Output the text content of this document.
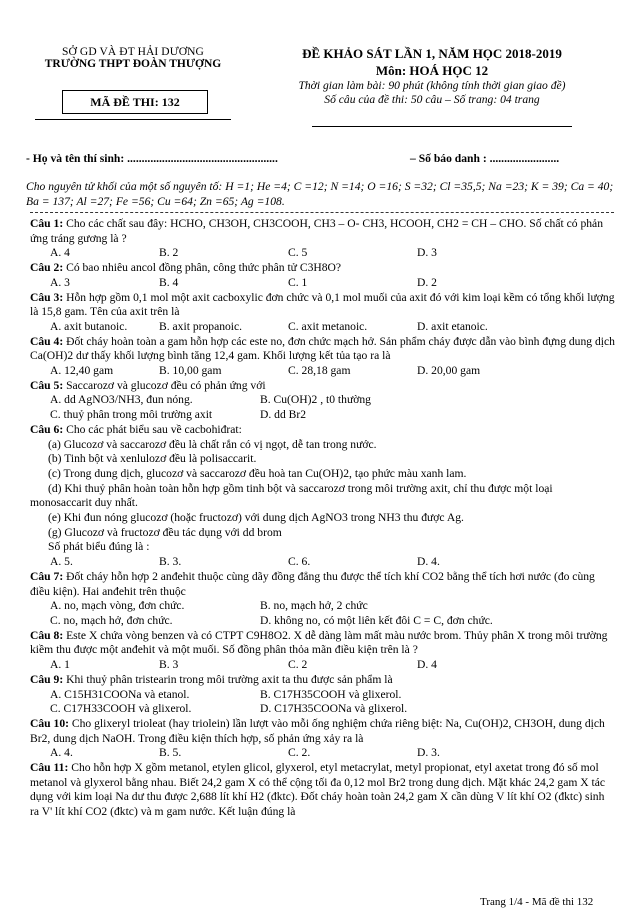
SỞ GD VÀ ĐT HẢI DƯƠNG
TRƯỜNG THPT ĐOÀN THƯỢNG
MÃ ĐỀ THI: 132
ĐỀ KHẢO SÁT LẦN 1, NĂM HỌC 2018-2019
Môn: HOÁ HỌC 12
Thời gian làm bài: 90 phút (không tính thời gian giao đề)
Số câu của đề thi: 50 câu – Số trang: 04 trang
- Họ và tên thí sinh: ....................................................	– Số báo danh : ........................
Cho nguyên tử khối của một số nguyên tố: H =1; He =4; C =12; N =14; O =16; S =32; Cl =35,5; Na =23; K = 39; Ca = 40; Ba = 137; Al =27; Fe =56; Cu =64; Zn =65; Ag =108.

Câu 1: Cho các chất sau đây: HCHO, CH3OH, CH3COOH, CH3 – O- CH3, HCOOH, CH2 = CH – CHO. Số chất có phản ứng tráng gương là ?

A. 4	B. 2	C. 5	D. 3

Câu 2: Có bao nhiêu ancol đồng phân, công thức phân tử C3H8O?

A. 3	B. 4	C. 1	D. 2

Câu 3: Hỗn hợp gồm 0,1 mol một axit cacboxylic đơn chức và 0,1 mol muối của axit đó với kim loại kềm có tổng khối lượng là 15,8 gam. Tên của axit trên là

A. axit butanoic.	B. axit propanoic.	C. axit metanoic.	D. axit etanoic.

Câu 4: Đốt cháy hoàn toàn a gam hỗn hợp các este no, đơn chức mạch hở. Sản phẩm cháy được dẫn vào bình đựng dung dịch Ca(OH)2 dư thấy khối lượng bình tăng 12,4 gam. Khối lượng kết tủa tạo ra là

A. 12,40 gam	B. 10,00 gam	C. 28,18 gam	D. 20,00 gam

Câu 5: Saccarozơ và glucozơ đều có phản ứng với

A. dd AgNO3/NH3, đun nóng.	B. Cu(OH)2 , t0 thường
C. thuỷ phân trong môi trường axit	D. dd Br2

Câu 6: Cho các phát biểu sau về cacbohiđrat:

(a) Glucozơ và saccarozơ đều là chất rắn có vị ngọt, dễ tan trong nước.

(b) Tinh bột và xenlulozơ đều là polisaccarit.

(c) Trong dung dịch, glucozơ và saccarozơ đều hoà tan Cu(OH)2, tạo phức màu xanh lam.

(d) Khi thuỷ phân hoàn toàn hỗn hợp gồm tinh bột và saccarozơ trong môi trường axit, chỉ thu được một loại monosaccarit duy nhất.

(e) Khi đun nóng glucozơ (hoặc fructozơ) với dung dịch AgNO3 trong NH3 thu được Ag.

(g) Glucozơ và fructozơ đều tác dụng với dd brom

Số phát biểu đúng là :

A. 5.	B. 3.	C. 6.	D. 4.

Câu 7: Đốt cháy hỗn hợp 2 anđehit thuộc cùng dãy đồng đẳng thu được thể tích khí CO2 bằng thể tích hơi nước (đo cùng điều kiện). Hai anđehit trên thuộc

A. no, mạch vòng, đơn chức.	B. no, mạch hở, 2 chức
C. no, mạch hở, đơn chức.	D. không no, có một liên kết đôi C = C, đơn chức.

Câu 8: Este X chứa vòng benzen và có CTPT C9H8O2. X dễ dàng làm mất màu nước brom. Thủy phân X trong môi trường kiềm thu được một anđehit và một muối. Số đồng phân thỏa mãn điều kiện trên là ?

A. 1	B. 3	C. 2	D. 4

Câu 9: Khi thuỷ phân tristearin trong môi trường axit ta thu được sản phẩm là

A. C15H31COONa và etanol.	B. C17H35COOH và glixerol.
C. C17H33COOH và glixerol.	D. C17H35COONa và glixerol.

Câu 10: Cho glixeryl trioleat (hay triolein) lần lượt vào mỗi ống nghiệm chứa riêng biệt: Na, Cu(OH)2, CH3OH, dung dịch Br2, dung dịch NaOH. Trong điều kiện thích hợp, số phản ứng xảy ra là

A. 4.	B. 5.	C. 2.	D. 3.

Câu 11: Cho hỗn hợp X gồm metanol, etylen glicol, glyxerol, etyl metacrylat, metyl propionat, etyl axetat trong đó số mol metanol và glyxerol bằng nhau. Biết 24,2 gam X có thể cộng tối đa 0,12 mol Br2 trong dung dịch. Mặt khác 24,2 gam X tác dụng với kim loại Na dư thu được 2,688 lít khí H2 (đktc). Đốt cháy hoàn toàn 24,2 gam X cần dùng V lít khí O2 (đktc) sinh ra V' lít khí CO2 (đktc) và m gam nước. Kết luận đúng là

Trang 1/4 - Mã đề thi 132
